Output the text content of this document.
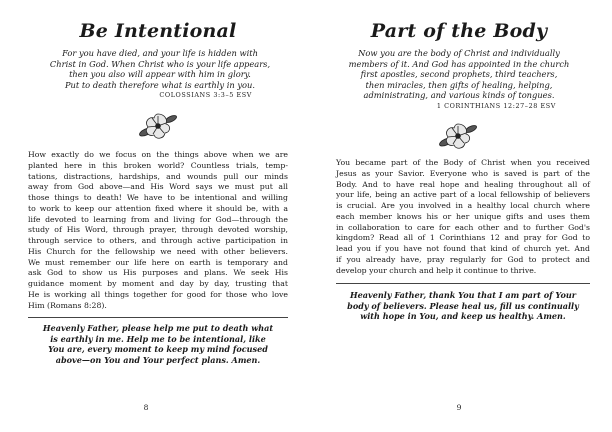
Be Intentional
For you have died, and your life is hidden with
Christ in God. When Christ who is your life appears,
then you also will appear with him in glory.
Put to death therefore what is earthly in you.
COLOSSIANS 3:3–5 ESV
How exactly do we focus on the things above when we are
planted here in this broken world? Countless trials, temp-
tations, distractions, hardships, and wounds pull our minds
away from God above—and His Word says we must put all
those things to death! We have to be intentional and willing
to work to keep our attention fixed where it should be, with a
life devoted to learning from and living for God—through the
study of His Word, through prayer, through devoted worship,
through service to others, and through active participation in
His Church for the fellowship we need with other believers.
We must remember our life here on earth is temporary and
ask God to show us His purposes and plans. We seek His
guidance moment by moment and day by day, trusting that
He is working all things together for good for those who love
Him (Romans 8:28).
Heavenly Father, please help me put to death what
is earthly in me. Help me to be intentional, like
You are, every moment to keep my mind focused
above—on You and Your perfect plans. Amen.
8
Part of the Body
Now you are the body of Christ and individually
members of it. And God has appointed in the church
first apostles, second prophets, third teachers,
then miracles, then gifts of healing, helping,
administrating, and various kinds of tongues.
1 CORINTHIANS 12:27–28 ESV
You became part of the Body of Christ when you received
Jesus as your Savior. Everyone who is saved is part of the
Body. And to have real hope and healing throughout all of
your life, being an active part of a local fellowship of believers
is crucial. Are you involved in a healthy local church where
each member knows his or her unique gifts and uses them
in collaboration to care for each other and to further God's
kingdom? Read all of 1 Corinthians 12 and pray for God to
lead you if you have not found that kind of church yet. And
if you already have, pray regularly for God to protect and
develop your church and help it continue to thrive.
Heavenly Father, thank You that I am part of Your
body of believers. Please heal us, fill us continually
with hope in You, and keep us healthy. Amen.
9
